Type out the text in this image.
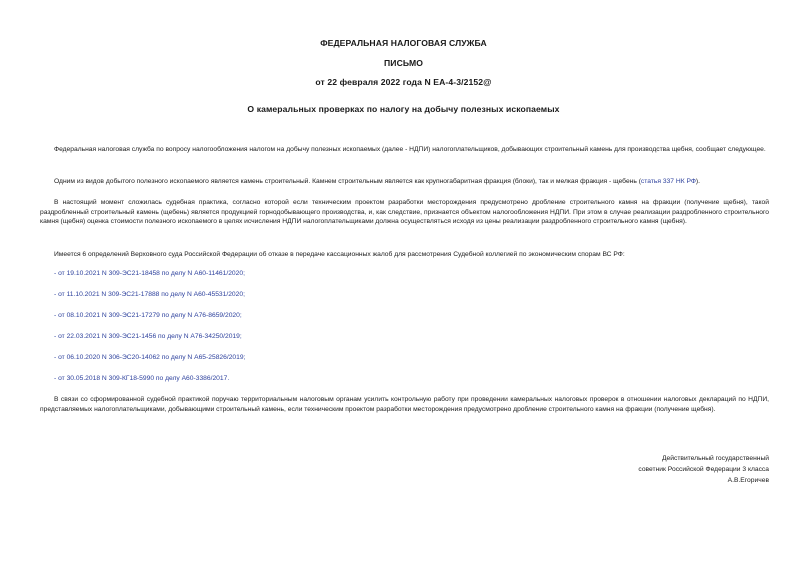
ФЕДЕРАЛЬНАЯ НАЛОГОВАЯ СЛУЖБА
ПИСЬМО
от 22 февраля 2022 года N ЕА-4-3/2152@
О камеральных проверках по налогу на добычу полезных ископаемых
Федеральная налоговая служба по вопросу налогообложения налогом на добычу полезных ископаемых (далее - НДПИ) налогоплательщиков, добывающих строительный камень для производства щебня, сообщает следующее.
Одним из видов добытого полезного ископаемого является камень строительный. Камнем строительным является как крупногабаритная фракция (блоки), так и мелкая фракция - щебень (статья 337 НК РФ).
В настоящий момент сложилась судебная практика, согласно которой если техническим проектом разработки месторождения предусмотрено дробление строительного камня на фракции (получение щебня), такой раздробленный строительный камень (щебень) является продукцией горнодобывающего производства, и, как следствие, признается объектом налогообложения НДПИ. При этом в случае реализации раздробленного строительного камня (щебня) оценка стоимости полезного ископаемого в целях исчисления НДПИ налогоплательщиками должна осуществляться исходя из цены реализации раздробленного строительного камня (щебня).
Имеется 6 определений Верховного суда Российской Федерации об отказе в передаче кассационных жалоб для рассмотрения Судебной коллегией по экономическим спорам ВС РФ:
- от 19.10.2021 N 309-ЭС21-18458 по делу N А60-11461/2020;
- от 11.10.2021 N 309-ЭС21-17888 по делу N А60-45531/2020;
- от 08.10.2021 N 309-ЭС21-17279 по делу N А76-8659/2020;
- от 22.03.2021 N 309-ЭС21-1456 по делу N А76-34250/2019;
- от 06.10.2020 N 306-ЭС20-14062 по делу N А65-25826/2019;
- от 30.05.2018 N 309-КГ18-5990 по делу А60-3386/2017.
В связи со сформированной судебной практикой поручаю территориальным налоговым органам усилить контрольную работу при проведении камеральных налоговых проверок в отношении налоговых деклараций по НДПИ, представляемых налогоплательщиками, добывающими строительный камень, если техническим проектом разработки месторождения предусмотрено дробление строительного камня на фракции (получение щебня).
Действительный государственный
советник Российской Федерации 3 класса
А.В.Егоричев
